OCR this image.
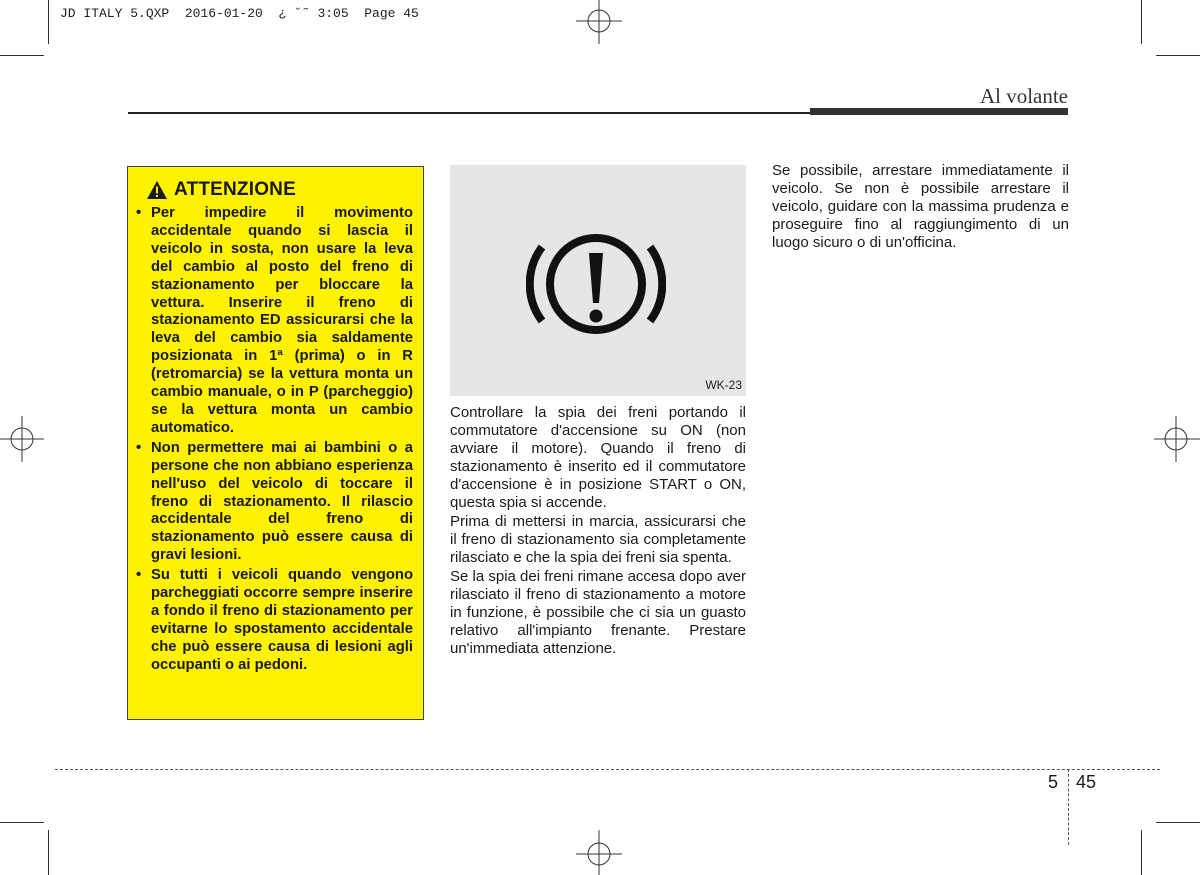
JD ITALY 5.QXP  2016-01-20  ¿ ˘˜ 3:05  Page 45
Al volante
ATTENZIONE
• Per impedire il movimento accidentale quando si lascia il veicolo in sosta, non usare la leva del cambio al posto del freno di stazionamento per bloccare la vettura. Inserire il freno di stazionamento ED assicurarsi che la leva del cambio sia saldamente posizionata in 1ª (prima) o in R (retromarcia) se la vettura monta un cambio manuale, o in P (parcheggio) se la vettura monta un cambio automatico.
• Non permettere mai ai bambini o a persone che non abbiano esperienza nell'uso del veicolo di toccare il freno di stazionamento. Il rilascio accidentale del freno di stazionamento può essere causa di gravi lesioni.
• Su tutti i veicoli quando vengono parcheggiati occorre sempre inserire a fondo il freno di stazionamento per evitarne lo spostamento accidentale che può essere causa di lesioni agli occupanti o ai pedoni.
WK-23

Controllare la spia dei freni portando il commutatore d'accensione su ON (non avviare il motore). Quando il freno di stazionamento è inserito ed il commutatore d'accensione è in posizione START o ON, questa spia si accende.

Prima di mettersi in marcia, assicurarsi che il freno di stazionamento sia completamente rilasciato e che la spia dei freni sia spenta.

Se la spia dei freni rimane accesa dopo aver rilasciato il freno di stazionamento a motore in funzione, è possibile che ci sia un guasto relativo all'impianto frenante. Prestare un'immediata attenzione.

Se possibile, arrestare immediatamente il veicolo. Se non è possibile arrestare il veicolo, guidare con la massima prudenza e proseguire fino al raggiungimento di un luogo sicuro o di un'officina.

5 45
